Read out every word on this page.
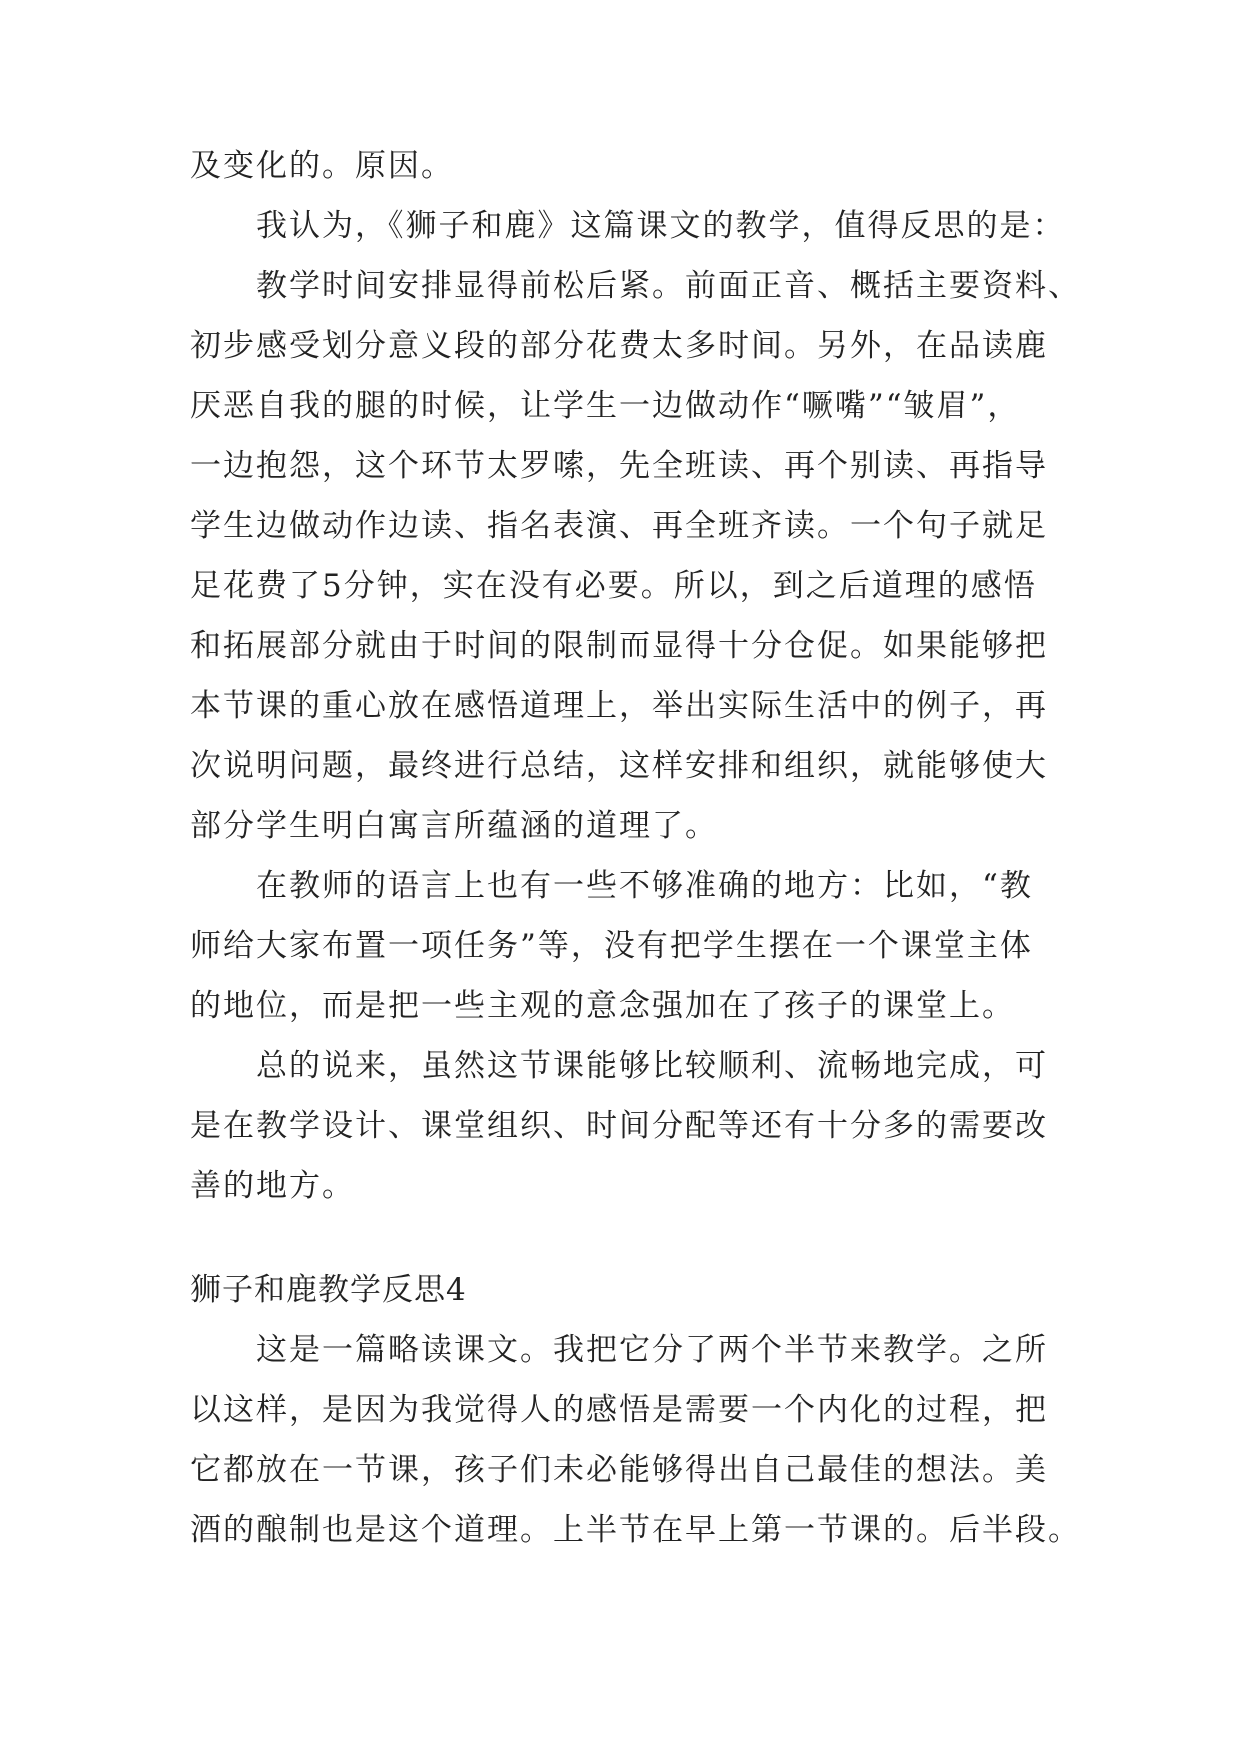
及变化的。原因。
我认为，《狮子和鹿》这篇课文的教学，值得反思的是：
教学时间安排显得前松后紧。前面正音、概括主要资料、
初步感受划分意义段的部分花费太多时间。另外，在品读鹿
厌恶自我的腿的时候，让学生一边做动作“噘嘴”“皱眉”，
一边抱怨，这个环节太罗嗦，先全班读、再个别读、再指导
学生边做动作边读、指名表演、再全班齐读。一个句子就足
足花费了5分钟，实在没有必要。所以，到之后道理的感悟
和拓展部分就由于时间的限制而显得十分仓促。如果能够把
本节课的重心放在感悟道理上，举出实际生活中的例子，再
次说明问题，最终进行总结，这样安排和组织，就能够使大
部分学生明白寓言所蕴涵的道理了。
在教师的语言上也有一些不够准确的地方：比如，“教
师给大家布置一项任务”等，没有把学生摆在一个课堂主体
的地位，而是把一些主观的意念强加在了孩子的课堂上。
总的说来，虽然这节课能够比较顺利、流畅地完成，可
是在教学设计、课堂组织、时间分配等还有十分多的需要改
善的地方。
狮子和鹿教学反思4
这是一篇略读课文。我把它分了两个半节来教学。之所
以这样，是因为我觉得人的感悟是需要一个内化的过程，把
它都放在一节课，孩子们未必能够得出自己最佳的想法。美
酒的酿制也是这个道理。上半节在早上第一节课的。后半段。
